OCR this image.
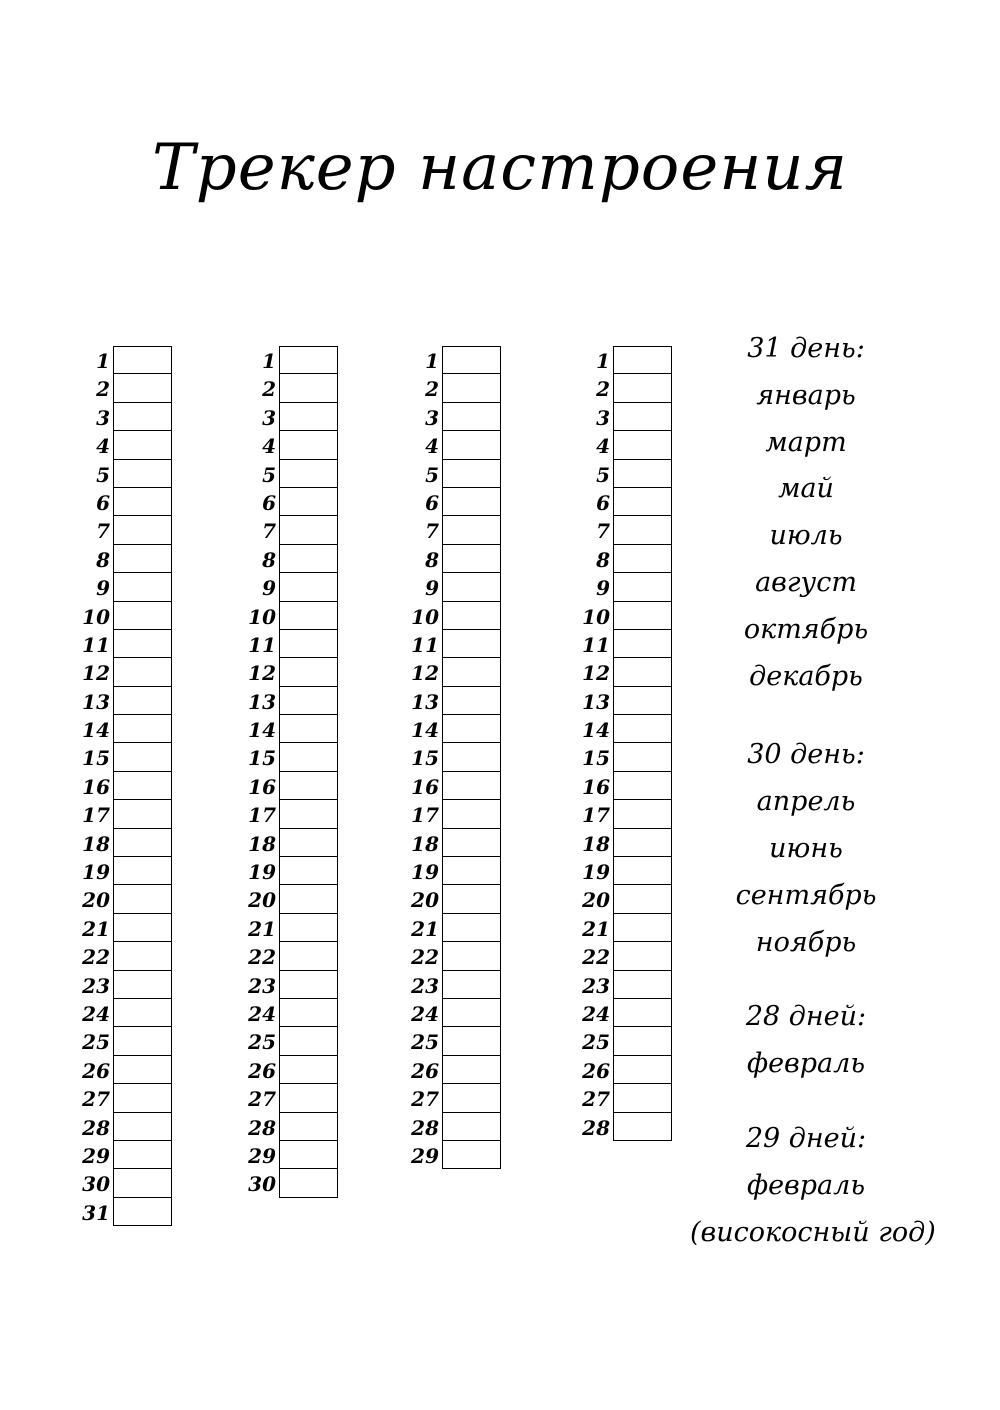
Трекер настроения
1
2
3
4
5
6
7
8
9
10
11
12
13
14
15
16
17
18
19
20
21
22
23
24
25
26
27
28
29
30
31
1
2
3
4
5
6
7
8
9
10
11
12
13
14
15
16
17
18
19
20
21
22
23
24
25
26
27
28
29
30
1
2
3
4
5
6
7
8
9
10
11
12
13
14
15
16
17
18
19
20
21
22
23
24
25
26
27
28
29
1
2
3
4
5
6
7
8
9
10
11
12
13
14
15
16
17
18
19
20
21
22
23
24
25
26
27
28
31 день:
январь
март
май
июль
август
октябрь
декабрь
30 день:
апрель
июнь
сентябрь
ноябрь
28 дней:
февраль
29 дней:
февраль
(високосный год)
